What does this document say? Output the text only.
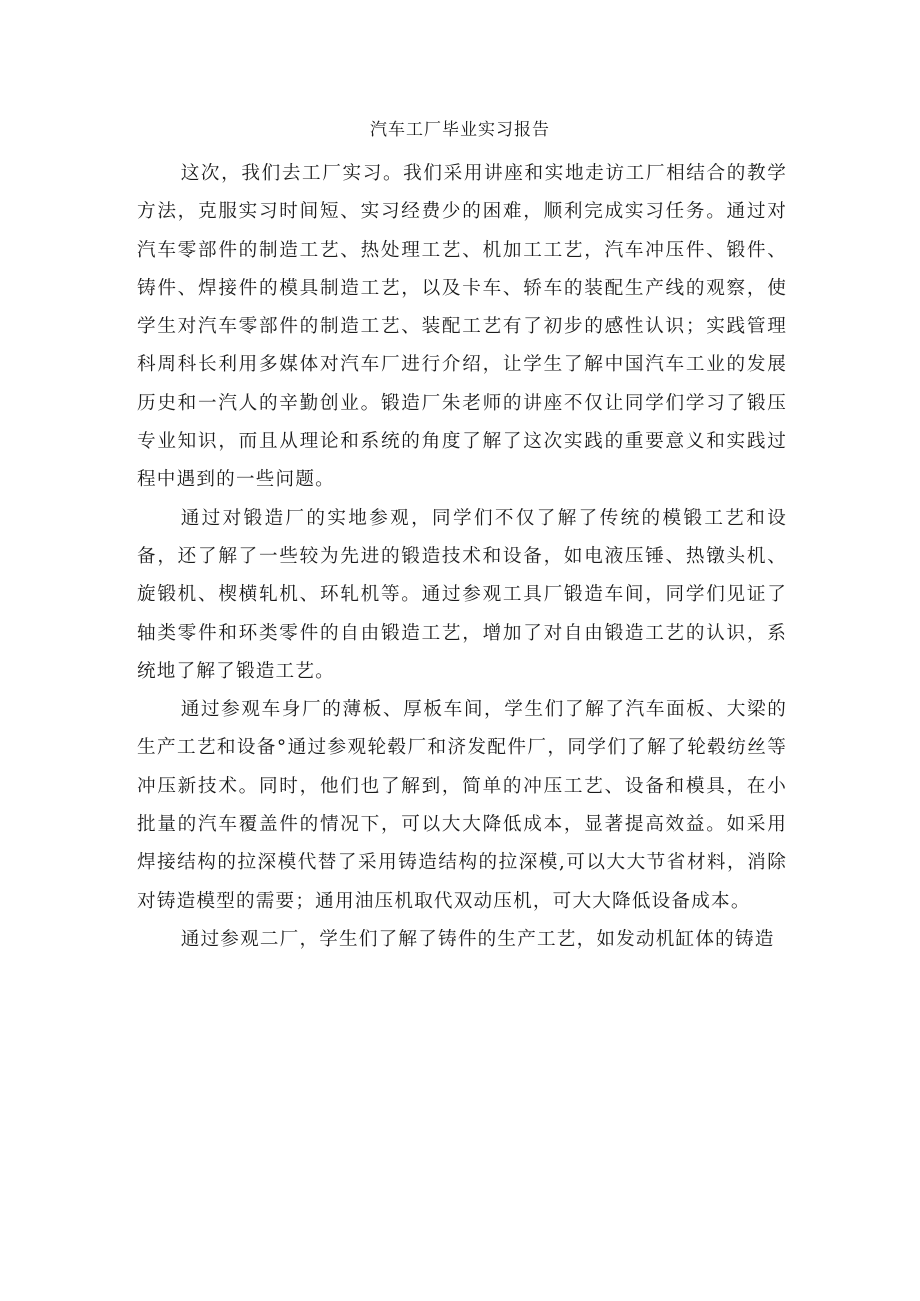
汽车工厂毕业实习报告

这次，我们去工厂实习。我们采用讲座和实地走访工厂相结合的教学方法，克服实习时间短、实习经费少的困难，顺利完成实习任务。通过对汽车零部件的制造工艺、热处理工艺、机加工工艺，汽车冲压件、锻件、铸件、焊接件的模具制造工艺，以及卡车、轿车的装配生产线的观察，使学生对汽车零部件的制造工艺、装配工艺有了初步的感性认识；实践管理科周科长利用多媒体对汽车厂进行介绍，让学生了解中国汽车工业的发展历史和一汽人的辛勤创业。锻造厂朱老师的讲座不仅让同学们学习了锻压专业知识，而且从理论和系统的角度了解了这次实践的重要意义和实践过程中遇到的一些问题。

通过对锻造厂的实地参观，同学们不仅了解了传统的模锻工艺和设备，还了解了一些较为先进的锻造技术和设备，如电液压锤、热镦头机、旋锻机、楔横轧机、环轧机等。通过参观工具厂锻造车间，同学们见证了轴类零件和环类零件的自由锻造工艺，增加了对自由锻造工艺的认识，系统地了解了锻造工艺。

通过参观车身厂的薄板、厚板车间，学生们了解了汽车面板、大梁的生产工艺和设备°通过参观轮毂厂和济发配件厂，同学们了解了轮毂纺丝等冲压新技术。同时，他们也了解到，简单的冲压工艺、设备和模具，在小批量的汽车覆盖件的情况下，可以大大降低成本，显著提高效益。如采用焊接结构的拉深模代替了采用铸造结构的拉深模,可以大大节省材料，消除对铸造模型的需要；通用油压机取代双动压机，可大大降低设备成本。

通过参观二厂，学生们了解了铸件的生产工艺，如发动机缸体的铸造
